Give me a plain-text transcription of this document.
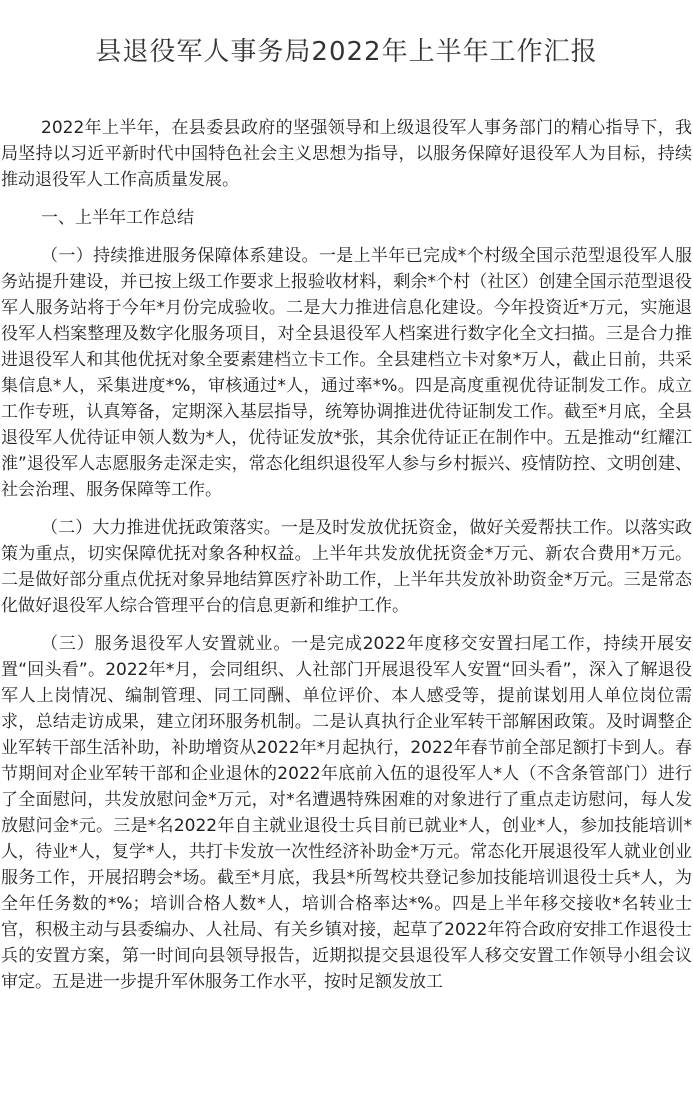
县退役军人事务局2022年上半年工作汇报

2022年上半年，在县委县政府的坚强领导和上级退役军人事务部门的精心指导下，我局坚持以习近平新时代中国特色社会主义思想为指导，以服务保障好退役军人为目标，持续推动退役军人工作高质量发展。

一、上半年工作总结

（一）持续推进服务保障体系建设。一是上半年已完成*个村级全国示范型退役军人服务站提升建设，并已按上级工作要求上报验收材料，剩余*个村（社区）创建全国示范型退役军人服务站将于今年*月份完成验收。二是大力推进信息化建设。今年投资近*万元，实施退役军人档案整理及数字化服务项目，对全县退役军人档案进行数字化全文扫描。三是合力推进退役军人和其他优抚对象全要素建档立卡工作。全县建档立卡对象*万人，截止日前，共采集信息*人，采集进度*%，审核通过*人，通过率*%。四是高度重视优待证制发工作。成立工作专班，认真筹备，定期深入基层指导，统筹协调推进优待证制发工作。截至*月底，全县退役军人优待证申领人数为*人，优待证发放*张，其余优待证正在制作中。五是推动“红耀江淮”退役军人志愿服务走深走实，常态化组织退役军人参与乡村振兴、疫情防控、文明创建、社会治理、服务保障等工作。

（二）大力推进优抚政策落实。一是及时发放优抚资金，做好关爱帮扶工作。以落实政策为重点，切实保障优抚对象各种权益。上半年共发放优抚资金*万元、新农合费用*万元。二是做好部分重点优抚对象异地结算医疗补助工作，上半年共发放补助资金*万元。三是常态化做好退役军人综合管理平台的信息更新和维护工作。

（三）服务退役军人安置就业。一是完成2022年度移交安置扫尾工作，持续开展安置“回头看”。2022年*月，会同组织、人社部门开展退役军人安置“回头看”，深入了解退役军人上岗情况、编制管理、同工同酬、单位评价、本人感受等，提前谋划用人单位岗位需求，总结走访成果，建立闭环服务机制。二是认真执行企业军转干部解困政策。及时调整企业军转干部生活补助，补助增资从2022年*月起执行，2022年春节前全部足额打卡到人。春节期间对企业军转干部和企业退休的2022年底前入伍的退役军人*人（不含条管部门）进行了全面慰问，共发放慰问金*万元，对*名遭遇特殊困难的对象进行了重点走访慰问，每人发放慰问金*元。三是*名2022年自主就业退役士兵目前已就业*人，创业*人，参加技能培训*人，待业*人，复学*人，共打卡发放一次性经济补助金*万元。常态化开展退役军人就业创业服务工作，开展招聘会*场。截至*月底，我县*所驾校共登记参加技能培训退役士兵*人，为全年任务数的*%；培训合格人数*人，培训合格率达*%。四是上半年移交接收*名转业士官，积极主动与县委编办、人社局、有关乡镇对接，起草了2022年符合政府安排工作退役士兵的安置方案，第一时间向县领导报告，近期拟提交县退役军人移交安置工作领导小组会议审定。五是进一步提升军休服务工作水平，按时足额发放工
